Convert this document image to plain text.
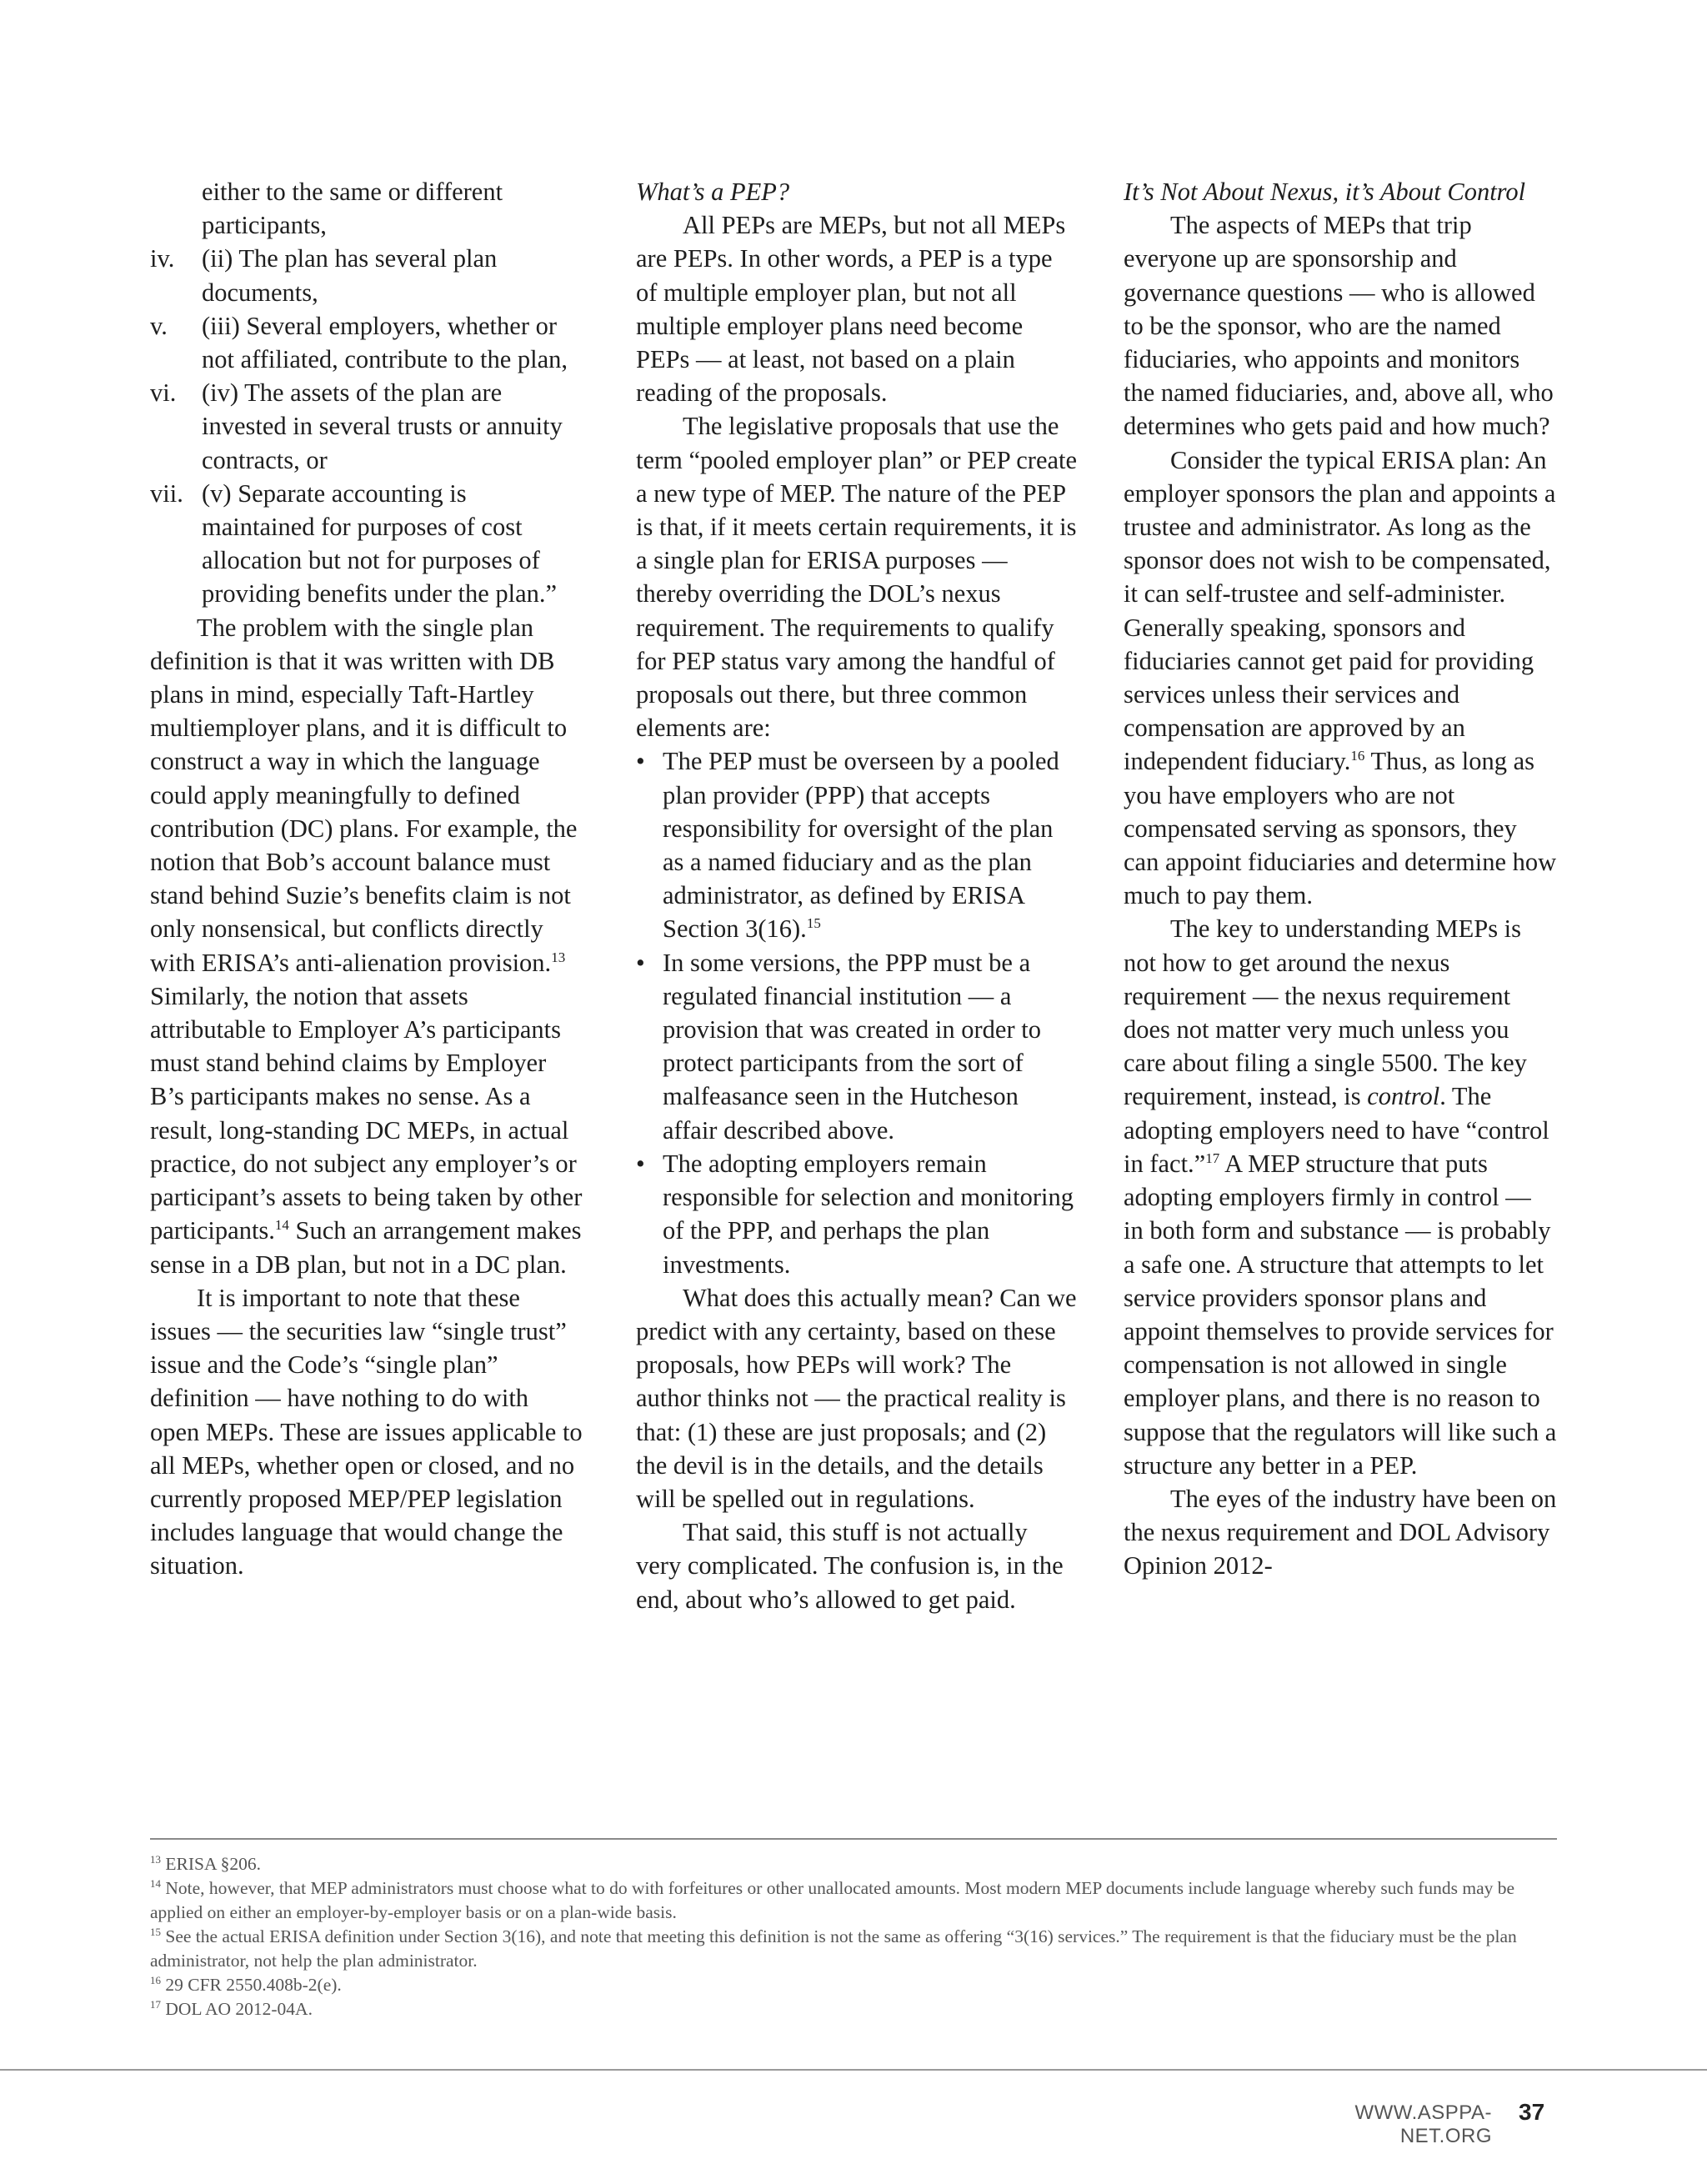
either to the same or different participants,

iv.	(ii) The plan has several plan documents,
v.	(iii) Several employers, whether or not affiliated, contribute to the plan,
vi.	(iv) The assets of the plan are invested in several trusts or annuity contracts, or
vii. (v) Separate accounting is maintained for purposes of cost allocation but not for purposes of providing benefits under the plan.”

The problem with the single plan definition is that it was written with DB plans in mind, especially Taft-Hartley multiemployer plans, and it is difficult to construct a way in which the language could apply meaningfully to defined contribution (DC) plans. For example, the notion that Bob’s account balance must stand behind Suzie’s benefits claim is not only nonsensical, but conflicts directly with ERISA’s anti-alienation provision.$^{13}$ Similarly, the notion that assets attributable to Employer A’s participants must stand behind claims by Employer B’s participants makes no sense. As a result, long-standing DC MEPs, in actual practice, do not subject any employer’s or participant’s assets to being taken by other participants.$^{14}$ Such an arrangement makes sense in a DB plan, but not in a DC plan.

It is important to note that these issues — the securities law “single trust” issue and the Code’s “single plan” definition — have nothing to do with open MEPs. These are issues applicable to all MEPs, whether open or closed, and no currently proposed MEP/PEP legislation includes language that would change the situation.

What’s a PEP?

All PEPs are MEPs, but not all MEPs are PEPs. In other words, a PEP is a type of multiple employer plan, but not all multiple employer plans need become PEPs — at least, not based on a plain reading of the proposals.

The legislative proposals that use the term “pooled employer plan” or PEP create a new type of MEP. The nature of the PEP is that, if it meets certain requirements, it is a single plan for ERISA purposes — thereby overriding the DOL’s nexus requirement. The requirements to qualify for PEP status vary among the handful of proposals out there, but three common elements are:

• The PEP must be overseen by a pooled plan provider (PPP) that accepts responsibility for oversight of the plan as a named fiduciary and as the plan administrator, as defined by ERISA Section 3(16).$^{15}$
• In some versions, the PPP must be a regulated financial institution — a provision that was created in order to protect participants from the sort of malfeasance seen in the Hutcheson affair described above.
• The adopting employers remain responsible for selection and monitoring of the PPP, and perhaps the plan investments.

What does this actually mean? Can we predict with any certainty, based on these proposals, how PEPs will work? The author thinks not — the practical reality is that: (1) these are just proposals; and (2) the devil is in the details, and the details will be spelled out in regulations.

That said, this stuff is not actually very complicated. The confusion is, in the end, about who’s allowed to get paid.

It’s Not About Nexus, it’s About Control

The aspects of MEPs that trip everyone up are sponsorship and governance questions — who is allowed to be the sponsor, who are the named fiduciaries, who appoints and monitors the named fiduciaries, and, above all, who determines who gets paid and how much?

Consider the typical ERISA plan: An employer sponsors the plan and appoints a trustee and administrator. As long as the sponsor does not wish to be compensated, it can self-trustee and self-administer. Generally speaking, sponsors and fiduciaries cannot get paid for providing services unless their services and compensation are approved by an independent fiduciary.$^{16}$ Thus, as long as you have employers who are not compensated serving as sponsors, they can appoint fiduciaries and determine how much to pay them.

The key to understanding MEPs is not how to get around the nexus requirement — the nexus requirement does not matter very much unless you care about filing a single 5500. The key requirement, instead, is control. The adopting employers need to have “control in fact.”$^{17}$ A MEP structure that puts adopting employers firmly in control — in both form and substance — is probably a safe one. A structure that attempts to let service providers sponsor plans and appoint themselves to provide services for compensation is not allowed in single employer plans, and there is no reason to suppose that the regulators will like such a structure any better in a PEP.

The eyes of the industry have been on the nexus requirement and DOL Advisory Opinion 2012-

$^{13}$ ERISA §206.

$^{14}$ Note, however, that MEP administrators must choose what to do with forfeitures or other unallocated amounts. Most modern MEP documents include language whereby such funds may be applied on either an employer-by-employer basis or on a plan-wide basis.

$^{15}$ See the actual ERISA definition under Section 3(16), and note that meeting this definition is not the same as offering “3(16) services.” The requirement is that the fiduciary must be the plan administrator, not help the plan administrator.

$^{16}$ 29 CFR 2550.408b-2(e).

$^{17}$ DOL AO 2012-04A.

WWW.ASPPA-NET.ORG
37
